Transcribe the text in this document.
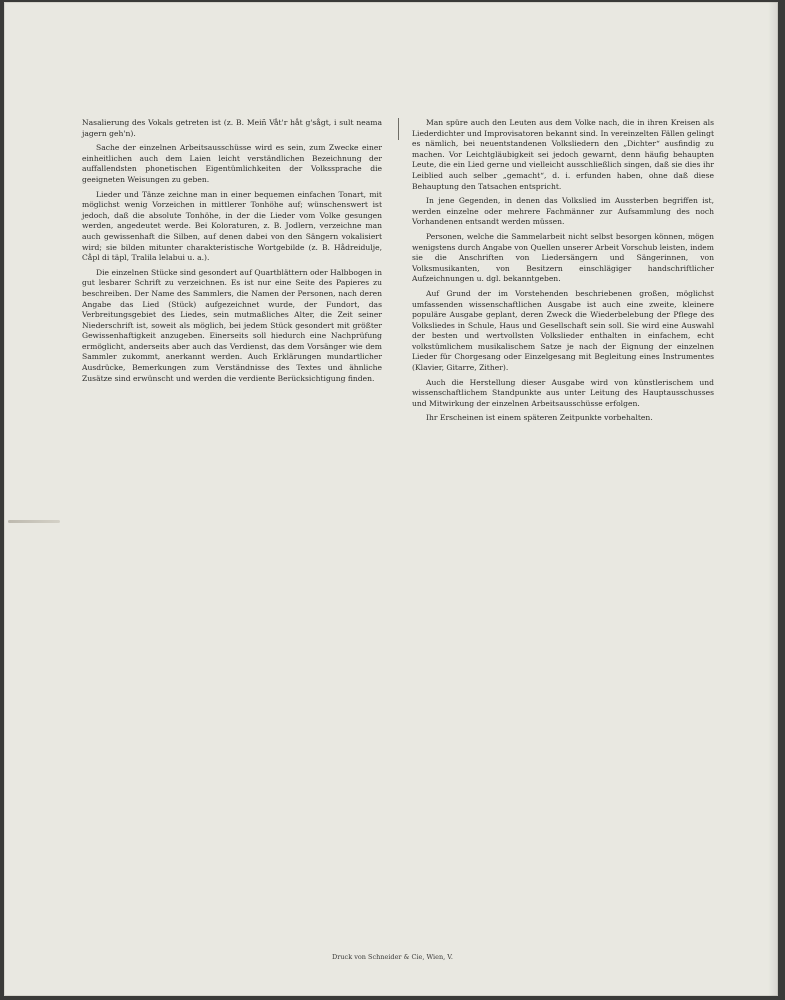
Nasalierung des Vokals getreten ist (z. B. Meiñ Våt'r håt g'sågt, i sult neama jagern geh'n).

Sache der einzelnen Arbeitsausschüsse wird es sein, zum Zwecke einer einheitlichen auch dem Laien leicht verständlichen Bezeichnung der auffallendsten phonetischen Eigentümlichkeiten der Volkssprache die geeigneten Weisungen zu geben.

Lieder und Tänze zeichne man in einer bequemen einfachen Tonart, mit möglichst wenig Vorzeichen in mittlerer Tonhöhe auf; wünschenswert ist jedoch, daß die absolute Tonhöhe, in der die Lieder vom Volke gesungen werden, angedeutet werde. Bei Koloraturen, z. B. Jodlern, verzeichne man auch gewissenhaft die Silben, auf denen dabei von den Sängern vokalisiert wird; sie bilden mitunter charakteristische Wortgebilde (z. B. Hådreidulje, Cåpl di täpl, Tralila lelabui u. a.).

Die einzelnen Stücke sind gesondert auf Quartblättern oder Halbbogen in gut lesbarer Schrift zu verzeichnen. Es ist nur eine Seite des Papieres zu beschreiben. Der Name des Sammlers, die Namen der Personen, nach deren Angabe das Lied (Stück) aufgezeichnet wurde, der Fundort, das Verbreitungsgebiet des Liedes, sein mutmaßliches Alter, die Zeit seiner Niederschrift ist, soweit als möglich, bei jedem Stück gesondert mit größter Gewissenhaftigkeit anzugeben. Einerseits soll hiedurch eine Nachprüfung ermöglicht, anderseits aber auch das Verdienst, das dem Vorsänger wie dem Sammler zukommt, anerkannt werden. Auch Erklärungen mundartlicher Ausdrücke, Bemerkungen zum Verständnisse des Textes und ähnliche Zusätze sind erwünscht und werden die verdiente Berücksichtigung finden.

Man spüre auch den Leuten aus dem Volke nach, die in ihren Kreisen als Liederdichter und Improvisatoren bekannt sind. In vereinzelten Fällen gelingt es nämlich, bei neuentstandenen Volksliedern den „Dichter“ ausfindig zu machen. Vor Leichtgläubigkeit sei jedoch gewarnt, denn häufig behaupten Leute, die ein Lied gerne und vielleicht ausschließlich singen, daß sie dies ihr Leiblied auch selber „gemacht“, d. i. erfunden haben, ohne daß diese Behauptung den Tatsachen entspricht.

In jene Gegenden, in denen das Volkslied im Aussterben begriffen ist, werden einzelne oder mehrere Fachmänner zur Aufsammlung des noch Vorhandenen entsandt werden müssen.

Personen, welche die Sammelarbeit nicht selbst besorgen können, mögen wenigstens durch Angabe von Quellen unserer Arbeit Vorschub leisten, indem sie die Anschriften von Liedersängern und Sängerinnen, von Volksmusikanten, von Besitzern einschlägiger handschriftlicher Aufzeichnungen u. dgl. bekanntgeben.

Auf Grund der im Vorstehenden beschriebenen großen, möglichst umfassenden wissenschaftlichen Ausgabe ist auch eine zweite, kleinere populäre Ausgabe geplant, deren Zweck die Wiederbelebung der Pflege des Volksliedes in Schule, Haus und Gesellschaft sein soll. Sie wird eine Auswahl der besten und wertvollsten Volkslieder enthalten in einfachem, echt volkstümlichem musikalischem Satze je nach der Eignung der einzelnen Lieder für Chorgesang oder Einzelgesang mit Begleitung eines Instrumentes (Klavier, Gitarre, Zither).

Auch die Herstellung dieser Ausgabe wird von künstlerischem und wissenschaftlichem Standpunkte aus unter Leitung des Hauptausschusses und Mitwirkung der einzelnen Arbeitsausschüsse erfolgen.

Ihr Erscheinen ist einem späteren Zeitpunkte vorbehalten.

Druck von Schneider & Cie, Wien, V.
